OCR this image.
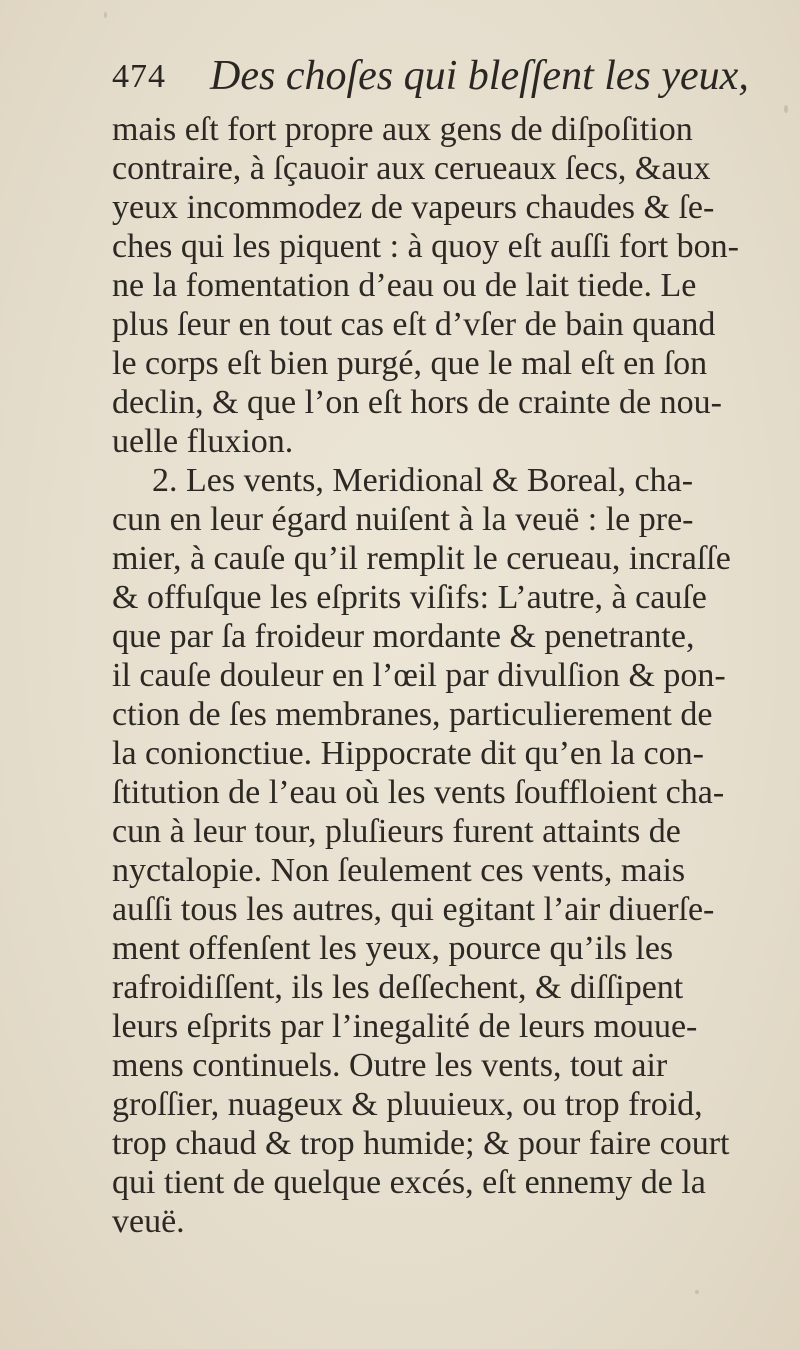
474 Des choſes qui bleſſent les yeux,
mais eſt fort propre aux gens de diſpoſition
contraire, à ſçauoir aux cerueaux ſecs, &aux
yeux incommodez de vapeurs chaudes & ſe-
ches qui les piquent : à quoy eſt auſſi fort bon-
ne la fomentation d’eau ou de lait tiede. Le
plus ſeur en tout cas eſt d’vſer de bain quand
le corps eſt bien purgé, que le mal eſt en ſon
declin, & que l’on eſt hors de crainte de nou-
uelle fluxion.
2. Les vents, Meridional & Boreal, cha-
cun en leur égard nuiſent à la veuë : le pre-
mier, à cauſe qu’il remplit le cerueau, incraſſe
& offuſque les eſprits viſifs: L’autre, à cauſe
que par ſa froideur mordante & penetrante,
il cauſe douleur en l’œil par divulſion & pon-
ction de ſes membranes, particulierement de
la conionctiue. Hippocrate dit qu’en la con-
ſtitution de l’eau où les vents ſouffloient cha-
cun à leur tour, pluſieurs furent attaints de
nyctalopie. Non ſeulement ces vents, mais
auſſi tous les autres, qui egitant l’air diuerſe-
ment offenſent les yeux, pource qu’ils les
rafroidiſſent, ils les deſſechent, & diſſipent
leurs eſprits par l’inegalité de leurs mouue-
mens continuels. Outre les vents, tout air
groſſier, nuageux & pluuieux, ou trop froid,
trop chaud & trop humide; & pour faire court
qui tient de quelque excés, eſt ennemy de la
veuë.
